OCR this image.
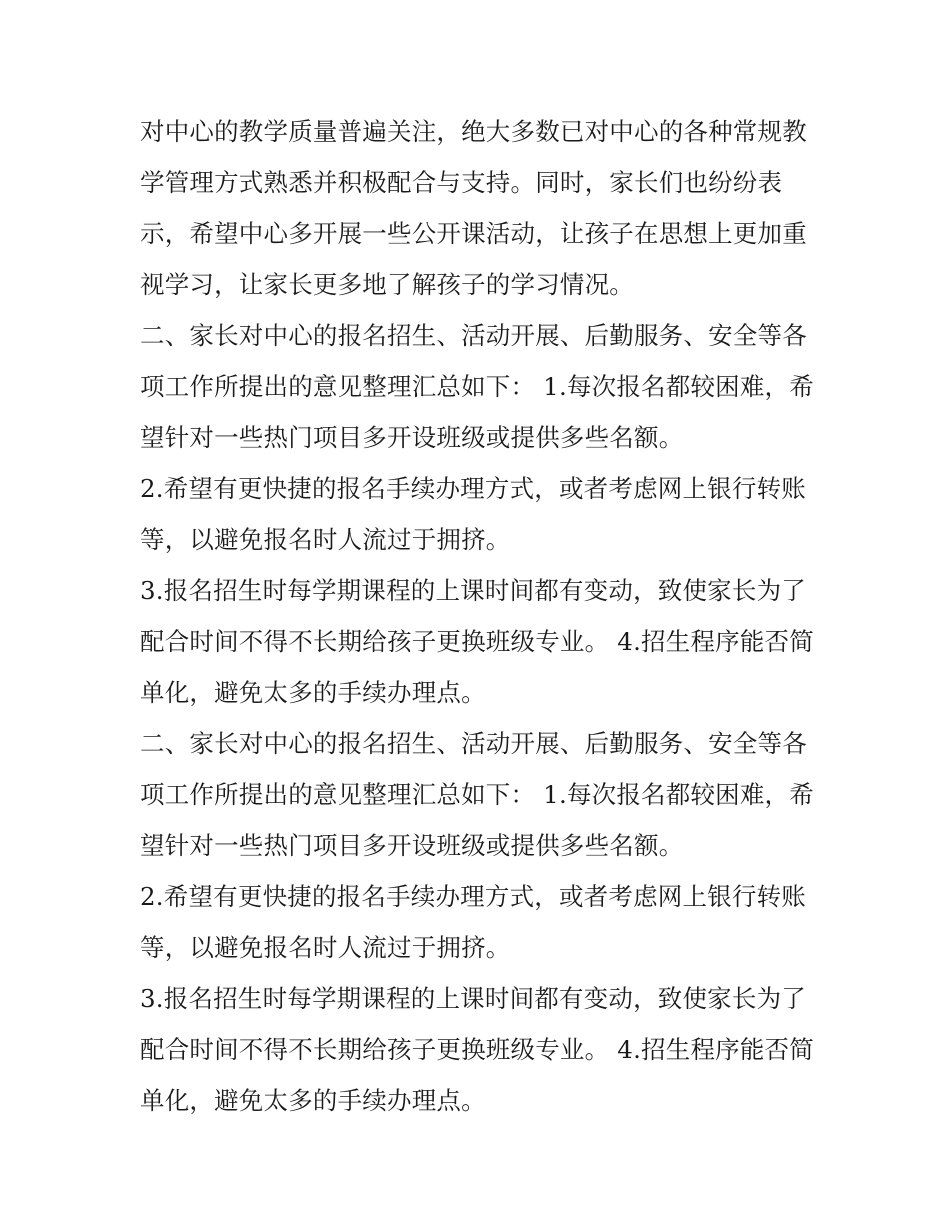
对中心的教学质量普遍关注，绝大多数已对中心的各种常规教
学管理方式熟悉并积极配合与支持。同时，家长们也纷纷表
示，希望中心多开展一些公开课活动，让孩子在思想上更加重
视学习，让家长更多地了解孩子的学习情况。
二、家长对中心的报名招生、活动开展、后勤服务、安全等各
项工作所提出的意见整理汇总如下： 1.每次报名都较困难，希
望针对一些热门项目多开设班级或提供多些名额。
2.希望有更快捷的报名手续办理方式，或者考虑网上银行转账
等，以避免报名时人流过于拥挤。
3.报名招生时每学期课程的上课时间都有变动，致使家长为了
配合时间不得不长期给孩子更换班级专业。 4.招生程序能否简
单化，避免太多的手续办理点。
二、家长对中心的报名招生、活动开展、后勤服务、安全等各
项工作所提出的意见整理汇总如下： 1.每次报名都较困难，希
望针对一些热门项目多开设班级或提供多些名额。
2.希望有更快捷的报名手续办理方式，或者考虑网上银行转账
等，以避免报名时人流过于拥挤。
3.报名招生时每学期课程的上课时间都有变动，致使家长为了
配合时间不得不长期给孩子更换班级专业。 4.招生程序能否简
单化，避免太多的手续办理点。
